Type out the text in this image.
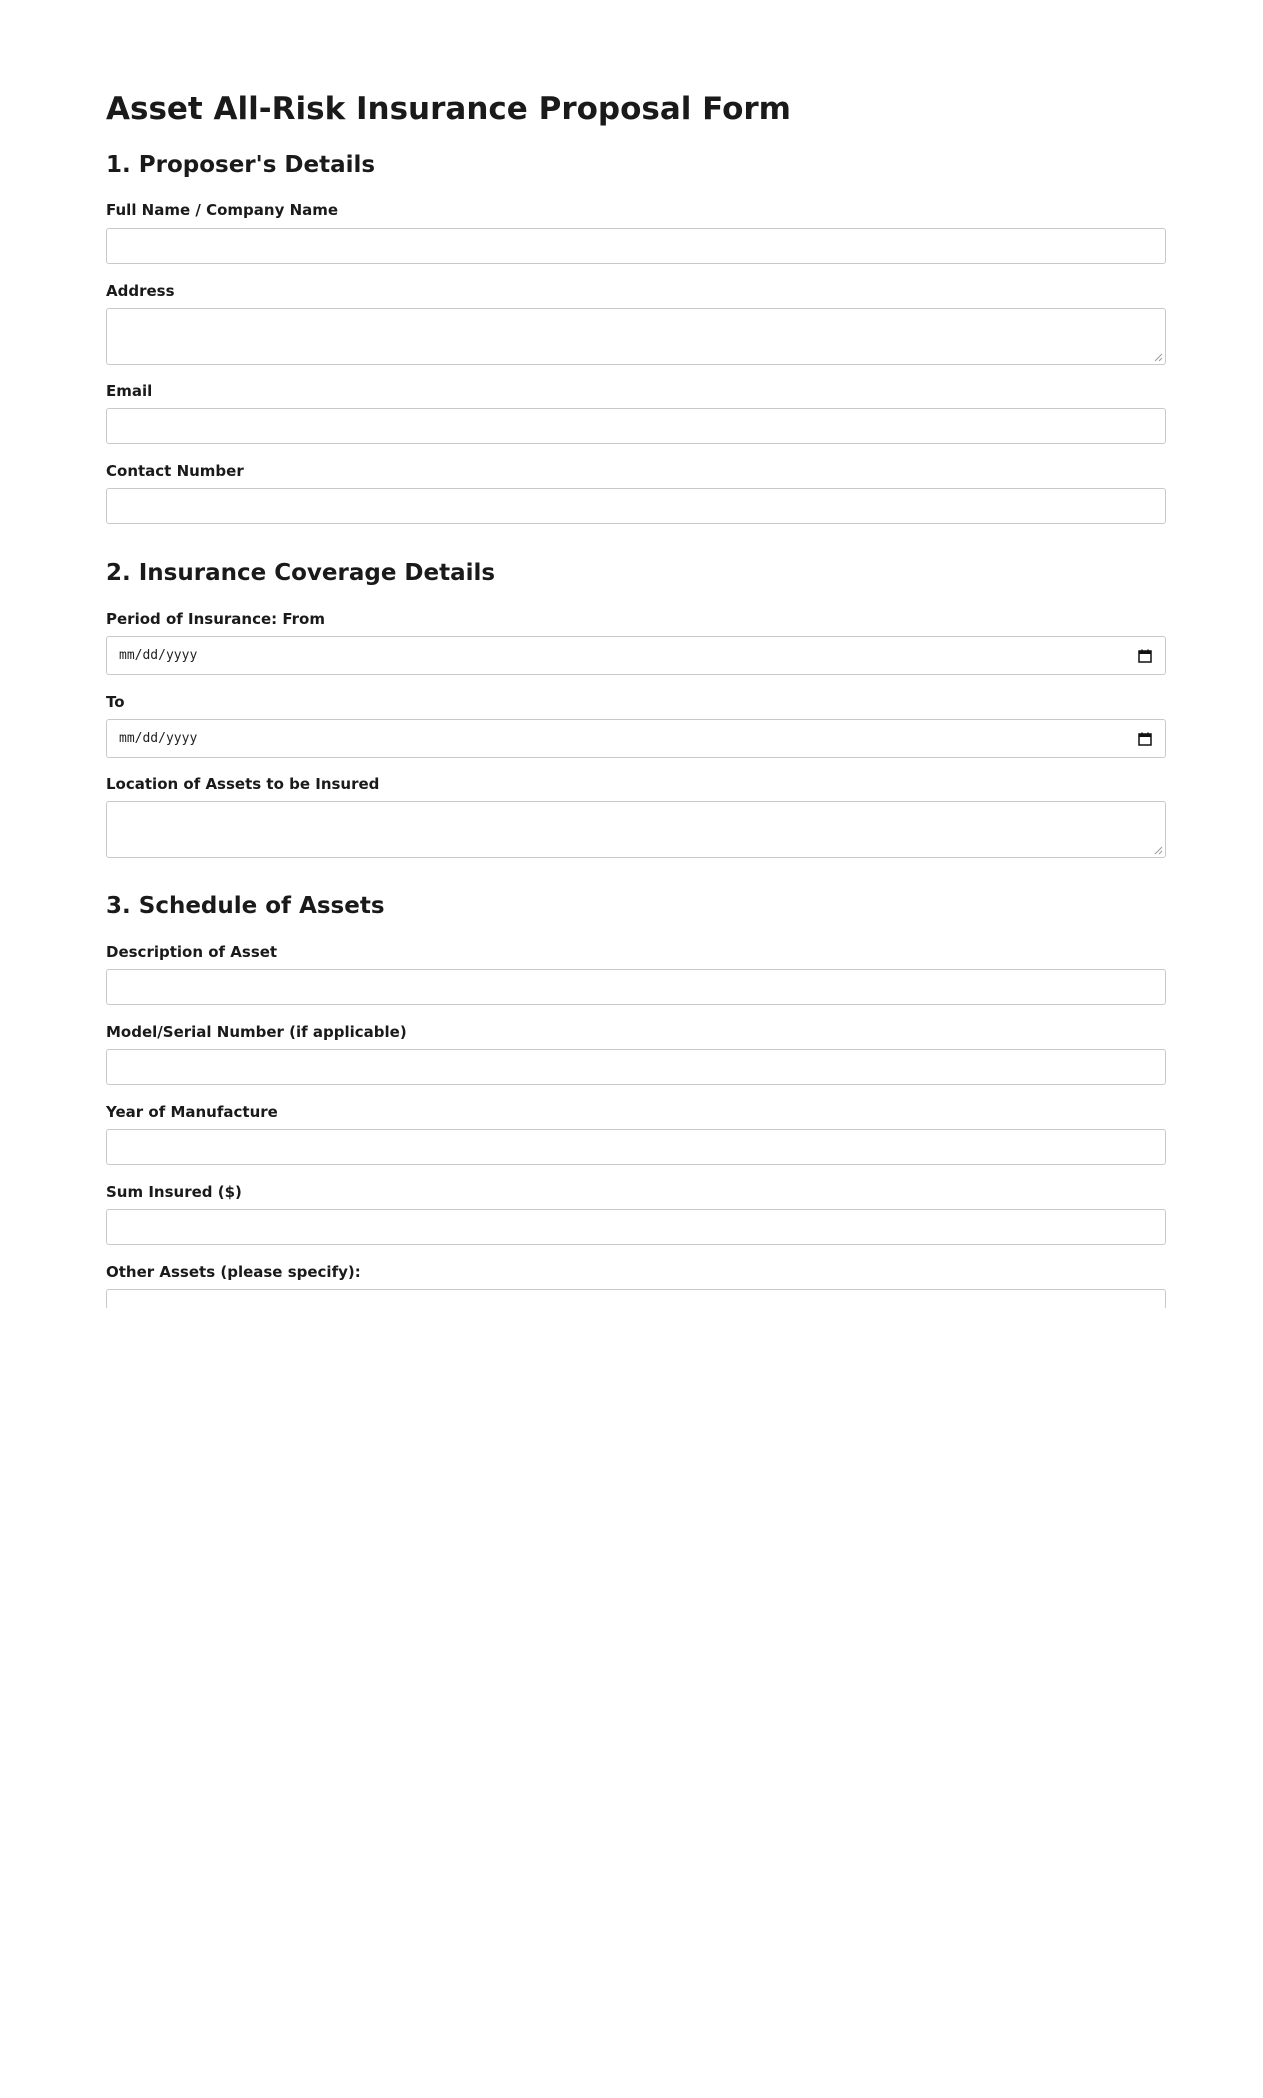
Asset All-Risk Insurance Proposal Form
1. Proposer's Details
Full Name / Company Name
Address
Email
Contact Number
2. Insurance Coverage Details
Period of Insurance: From
mm/dd/yyyy
To
mm/dd/yyyy
Location of Assets to be Insured
3. Schedule of Assets
Description of Asset
Model/Serial Number (if applicable)
Year of Manufacture
Sum Insured ($)
Other Assets (please specify):
